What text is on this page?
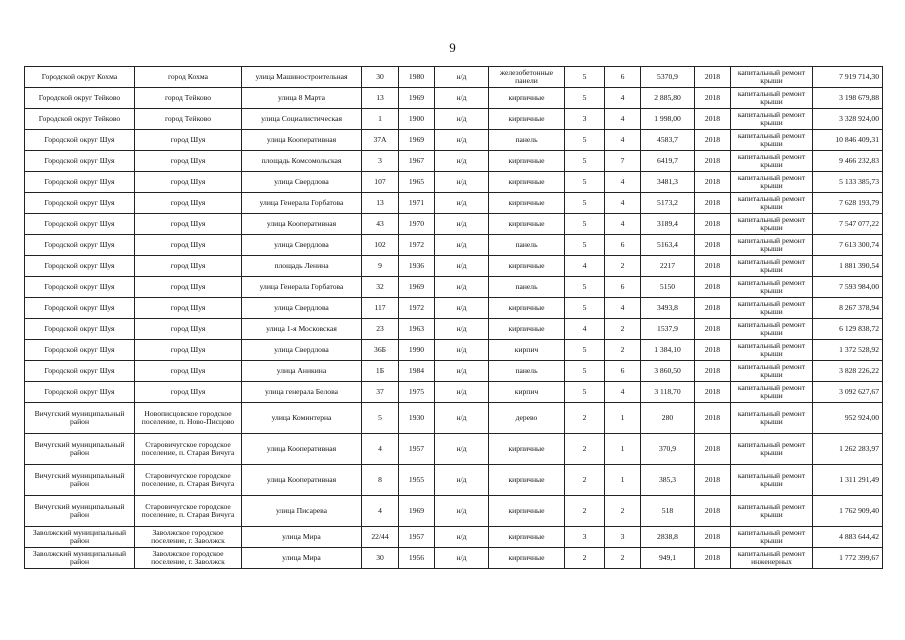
9
Городской округ Кохма	город Кохма	улица Машиностроительная	30	1980	н/д	железобетонные панели	5	6	5370,9	2018	капитальный ремонт крыши	7 919 714,30
Городской округ Тейково	город Тейково	улица 8 Марта	13	1969	н/д	кирпичные	5	4	2 885,80	2018	капитальный ремонт крыши	3 198 679,88
Городской округ Тейково	город Тейково	улица Социалистическая	1	1900	н/д	кирпичные	3	4	1 998,00	2018	капитальный ремонт крыши	3 328 924,00
Городской округ Шуя	город Шуя	улица Кооперативная	37А	1969	н/д	панель	5	4	4583,7	2018	капитальный ремонт крыши	10 846 409,31
Городской округ Шуя	город Шуя	площадь Комсомольская	3	1967	н/д	кирпичные	5	7	6419,7	2018	капитальный ремонт крыши	9 466 232,83
Городской округ Шуя	город Шуя	улица Свердлова	107	1965	н/д	кирпичные	5	4	3481,3	2018	капитальный ремонт крыши	5 133 385,73
Городской округ Шуя	город Шуя	улица Генерала Горбатова	13	1971	н/д	кирпичные	5	4	5173,2	2018	капитальный ремонт крыши	7 628 193,79
Городской округ Шуя	город Шуя	улица Кооперативная	43	1970	н/д	кирпичные	5	4	3189,4	2018	капитальный ремонт крыши	7 547 077,22
Городской округ Шуя	город Шуя	улица Свердлова	102	1972	н/д	панель	5	6	5163,4	2018	капитальный ремонт крыши	7 613 300,74
Городской округ Шуя	город Шуя	площадь Ленина	9	1936	н/д	кирпичные	4	2	2217	2018	капитальный ремонт крыши	1 881 390,54
Городской округ Шуя	город Шуя	улица Генерала Горбатова	32	1969	н/д	панель	5	6	5150	2018	капитальный ремонт крыши	7 593 984,00
Городской округ Шуя	город Шуя	улица Свердлова	117	1972	н/д	кирпичные	5	4	3493,8	2018	капитальный ремонт крыши	8 267 378,94
Городской округ Шуя	город Шуя	улица 1-я Московская	23	1963	н/д	кирпичные	4	2	1537,9	2018	капитальный ремонт крыши	6 129 838,72
Городской округ Шуя	город Шуя	улица Свердлова	36Б	1990	н/д	кирпич	5	2	1 384,10	2018	капитальный ремонт крыши	1 372 528,92
Городской округ Шуя	город Шуя	улица Аникина	1Б	1984	н/д	панель	5	6	3 860,50	2018	капитальный ремонт крыши	3 828 226,22
Городской округ Шуя	город Шуя	улица генерала Белова	37	1975	н/д	кирпич	5	4	3 118,70	2018	капитальный ремонт крыши	3 092 627,67
Вичугский муниципальный район	Новописцовское городское поселение, п. Ново-Писцово	улица Коминтерна	5	1930	н/д	дерево	2	1	280	2018	капитальный ремонт крыши	952 924,00
Вичугский муниципальный район	Старовичугское городское поселение, п. Старая Вичуга	улица Кооперативная	4	1957	н/д	кирпичные	2	1	370,9	2018	капитальный ремонт крыши	1 262 283,97
Вичугский муниципальный район	Старовичугское городское поселение, п. Старая Вичуга	улица Кооперативная	8	1955	н/д	кирпичные	2	1	385,3	2018	капитальный ремонт крыши	1 311 291,49
Вичугский муниципальный район	Старовичугское городское поселение, п. Старая Вичуга	улица Писарева	4	1969	н/д	кирпичные	2	2	518	2018	капитальный ремонт крыши	1 762 909,40
Заволжский муниципальный район	Заволжское городское поселение, г. Заволжск	улица Мира	22/44	1957	н/д	кирпичные	3	3	2838,8	2018	капитальный ремонт крыши	4 883 644,42
Заволжский муниципальный район	Заволжское городское поселение, г. Заволжск	улица Мира	30	1956	н/д	кирпичные	2	2	949,1	2018	капитальный ремонт инженерных	1 772 399,67
